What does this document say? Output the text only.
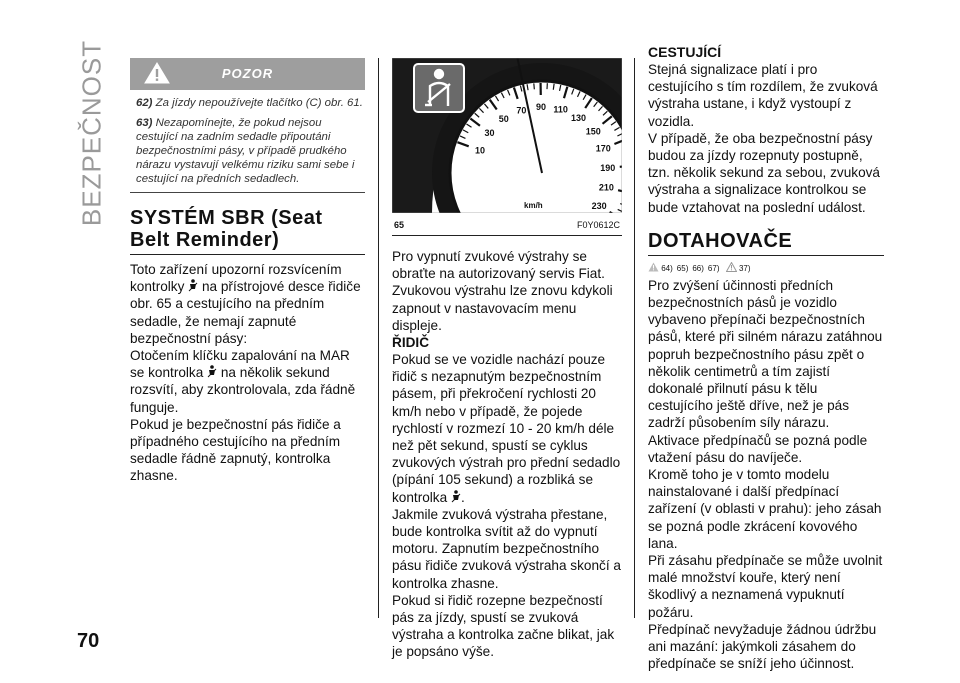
BEZPEČNOST
70
POZOR

62) Za jízdy nepoužívejte tlačítko (C) obr. 61.

63) Nezapomínejte, že pokud nejsou cestující na zadním sedadle připoutáni bezpečnostními pásy, v případě prudkého nárazu vystavují velkému riziku sami sebe i cestující na předních sedadlech.

SYSTÉM SBR (Seat
Belt Reminder)

Toto zařízení upozorní rozsvícením kontrolky na přístrojové desce řidiče obr. 65 a cestujícího na předním sedadle, že nemají zapnuté bezpečnostní pásy:

Otočením klíčku zapalování na MAR se kontrolka na několik sekund rozsvítí, aby zkontrolovala, zda řádně funguje.

Pokud je bezpečnostní pás řidiče a případného cestujícího na předním sedadle řádně zapnutý, kontrolka zhasne.

10
30
50
70 90 110
130
150
170
190
210
230
km/h
65	F0Y0612C

Pro vypnutí zvukové výstrahy se obraťte na autorizovaný servis Fiat. Zvukovou výstrahu lze znovu kdykoli zapnout v nastavovacím menu displeje.

ŘIDIČ

Pokud se ve vozidle nachází pouze řidič s nezapnutým bezpečnostním pásem, při překročení rychlosti 20 km/h nebo v případě, že pojede rychlostí v rozmezí 10 - 20 km/h déle než pět sekund, spustí se cyklus zvukových výstrah pro přední sedadlo (pípání 105 sekund) a rozbliká se kontrolka .

Jakmile zvuková výstraha přestane, bude kontrolka svítit až do vypnutí motoru. Zapnutím bezpečnostního pásu řidiče zvuková výstraha skončí a kontrolka zhasne.

Pokud si řidič rozepne bezpečností pás za jízdy, spustí se zvuková výstraha a kontrolka začne blikat, jak je popsáno výše.

CESTUJÍCÍ

Stejná signalizace platí i pro cestujícího s tím rozdílem, že zvuková výstraha ustane, i když vystoupí z vozidla.

V případě, že oba bezpečnostní pásy budou za jízdy rozepnuty postupně, tzn. několik sekund za sebou, zvuková výstraha a signalizace kontrolkou se bude vztahovat na poslední událost.

DOTAHOVAČE
64) 65) 66) 67) 37)

Pro zvýšení účinnosti předních bezpečnostních pásů je vozidlo vybaveno přepínači bezpečnostních pásů, které při silném nárazu zatáhnou popruh bezpečnostního pásu zpět o několik centimetrů a tím zajistí dokonalé přilnutí pásu k tělu cestujícího ještě dříve, než je pás zadrží působením síly nárazu.

Aktivace předpínačů se pozná podle vtažení pásu do navíječe.

Kromě toho je v tomto modelu nainstalované i další předpínací zařízení (v oblasti v prahu): jeho zásah se pozná podle zkrácení kovového lana.

Při zásahu předpínače se může uvolnit malé množství kouře, který není škodlivý a neznamená vypuknutí požáru.

Předpínač nevyžaduje žádnou údržbu ani mazání: jakýmkoli zásahem do předpínače se sníží jeho účinnost.
